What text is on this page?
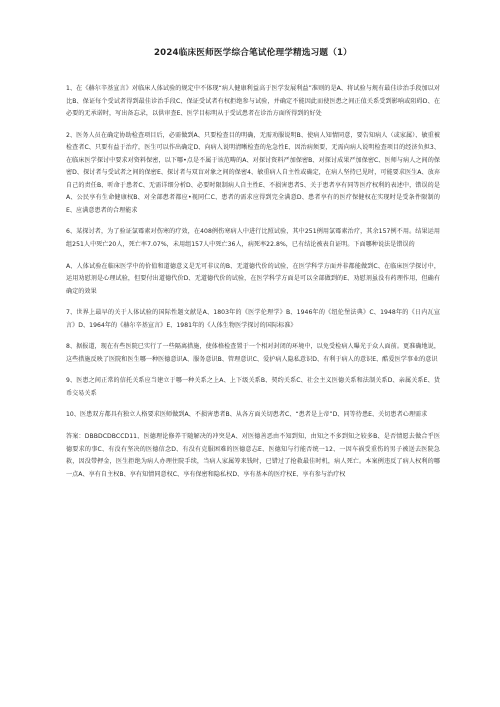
2024临床医师医学综合笔试伦理学精选习题（1）

1、在《赫尔辛基宣言》对临床人体试验的规定中不体现“病人健康利益高于医学发展利益”准则的是A、将试验与规有最佳诊治手段加以对比B、保证每个受试者得到最佳诊治手段C、保证受试者有权拒绝参与试验，并确定不能因此而使医患之间正值关系受到影响或阻碍D、在必要的无承诺时，写出备忘录，以供审查E、医学目标明从于受试患者在诊治方面所得到的好处

2、医务人员在确定协助检查项目后，必需做到A、只要检查目的明确，无需劝服说明B、使病人知情同意，要告知病人（或家属）、敏重被检查者C、只要有益于治疗，医生可以作出确定D、向病人说明清晰检查的危急性E、因治病须要，无需向病人说明检查项目的经济负担3、在临床医学探讨中要求对资料保密，以下哪•点是不属于该范畴的A、对探讨资料严加保密B、对探讨成果严加保密C、医师与病人之间的保密D、探讨者与受试者之间的保密E、探讨者与双盲对象之间的保密4、敏重病人自主性或确定，在病人坚持已见时，可能要求医生A、放弃自己的责任B、听命于患者C、无需详细分析D、必要时限制病人自主性E、不损害患者5、关于患者享有同等医疗权利的表述中，错误的是A、公民享有生命健康权B、对全部患者都应•视同仁C、患者的需求应得到完全满意D、患者享有的医疗保健权在实现时是受条件限制的E、应满意患者的合理能求

6、某探讨者，为了验证氯霉素对伤寒的疗效，在408例伤寒病人中进行比照试验，其中251例用氯霉素治疗，其余157例不用。结果运用组251人中死亡20人，死亡率7.07%，未用组157人中死亡36人，病死率22.8%，已有结论被表自证明。下面哪种说法是错误的

A、人体试验在临床医学中的价值和道德意义是无可非议的B、无道德代价的试验，在医学科学方面并非都能做到C、在临床医学探讨中，运用劝慰剂是心理试验，但要付出道德代价D、无道德代价的试验，在医学科学方面是可以全部做到的E、劝慰剂虽没有药理作用，但确有确定的效果

7、世界上最早的关于人体试验的国际性题文献是A、1803年的《医学伦理学》B、1946年的《纽伦堡法典》C、1948年的《日内瓦宣言》D、1964年的《赫尔辛基宣言》E、1981年的《人体生物医学探讨的国际标准》

8、据报道，现在有些医院已实行了一些隔离措施，使体格检查置于一个相对封闭的环境中，以免受检病人曝光于众人面前。更准确地说，这些措施反映了医院和医生哪一种医德意识A、服务意识B、管理意识C、爱护病人隐私意识D、有利于病人的意识E、酷爱医学事业的意识

9、医患之间正常的信托关系应当建立于哪一种关系之上A、上下级关系B、契约关系C、社会主义医德关系和法制关系D、亲属关系E、货币交易关系

10、医患双方都具有独立人格要求医师做到A、不损害患者B、从各方面关切患者C、“患者是上帝”D、同等待患E、关切患者心理需求

答案：DBBDCDBCCD11、医德理论修养干随解决的冲突是A、对医德善恶由不知到知，由知之不多到知之较多B、是否情愿去做合乎医德要求的事C、有没有坚决的医德信念D、有没有克服困难的医德意志E、医德知与行能否统一12、一因车祸受重伤的男子被送去医院急救，因没带押金，医生拒绝为病人办理住院手续，当病人家属筹来钱时，已错过了抢救最佳时机，病人死亡。本案例违反了病人权利的哪一点A、享有自主权B、享有知情同意权C、享有保密和隐私权D、享有基本的医疗权E、享有参与治疗权
